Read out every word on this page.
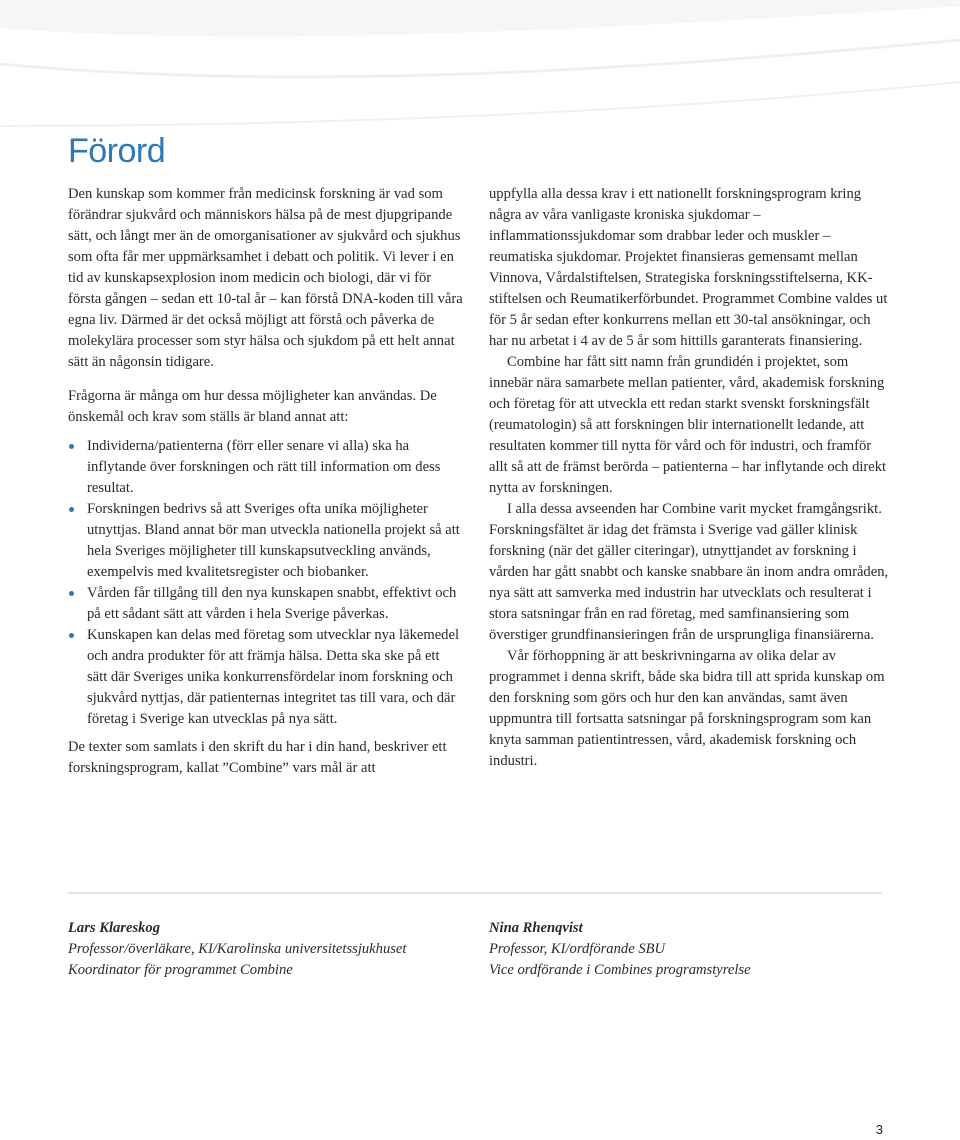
Förord

Den kunskap som kommer från medicinsk forskning är vad som förändrar sjukvård och människors hälsa på de mest djupgripande sätt, och långt mer än de omorganisationer av sjukvård och sjukhus som ofta får mer uppmärksamhet i debatt och politik. Vi lever i en tid av kunskapsexplosion inom medicin och biologi, där vi för första gången – sedan ett 10-tal år – kan förstå DNA-koden till våra egna liv. Därmed är det också möjligt att förstå och påverka de molekylära processer som styr hälsa och sjukdom på ett helt annat sätt än någonsin tidigare.

Frågorna är många om hur dessa möjligheter kan användas. De önskemål och krav som ställs är bland annat att:

Individerna/patienterna (förr eller senare vi alla) ska ha inflytande över forskningen och rätt till information om dess resultat.
Forskningen bedrivs så att Sveriges ofta unika möjligheter utnyttjas. Bland annat bör man utveckla nationella projekt så att hela Sveriges möjligheter till kunskapsutveckling används, exempelvis med kvalitetsregister och biobanker.
Vården får tillgång till den nya kunskapen snabbt, effektivt och på ett sådant sätt att vården i hela Sverige påverkas.
Kunskapen kan delas med företag som utvecklar nya läkemedel och andra produkter för att främja hälsa. Detta ska ske på ett sätt där Sveriges unika konkurrensfördelar inom forskning och sjukvård nyttjas, där patienternas integritet tas till vara, och där företag i Sverige kan utvecklas på nya sätt.

De texter som samlats i den skrift du har i din hand, beskriver ett forskningsprogram, kallat ”Combine” vars mål är att

uppfylla alla dessa krav i ett nationellt forskningsprogram kring några av våra vanligaste kroniska sjukdomar – inflammationssjukdomar som drabbar leder och muskler – reumatiska sjukdomar. Projektet finansieras gemensamt mellan Vinnova, Vårdalstiftelsen, Strategiska forskningsstiftelserna, KK-stiftelsen och Reumatikerförbundet. Programmet Combine valdes ut för 5 år sedan efter konkurrens mellan ett 30-tal ansökningar, och har nu arbetat i 4 av de 5 år som hittills garanterats finansiering.

Combine har fått sitt namn från grundidén i projektet, som innebär nära samarbete mellan patienter, vård, akademisk forskning och företag för att utveckla ett redan starkt svenskt forskningsfält (reumatologin) så att forskningen blir internationellt ledande, att resultaten kommer till nytta för vård och för industri, och framför allt så att de främst berörda – patienterna – har inflytande och direkt nytta av forskningen.

I alla dessa avseenden har Combine varit mycket framgångsrikt. Forskningsfältet är idag det främsta i Sverige vad gäller klinisk forskning (när det gäller citeringar), utnyttjandet av forskning i vården har gått snabbt och kanske snabbare än inom andra områden, nya sätt att samverka med industrin har utvecklats och resulterat i stora satsningar från en rad företag, med samfinansiering som överstiger grundfinansieringen från de ursprungliga finansiärerna.

Vår förhoppning är att beskrivningarna av olika delar av programmet i denna skrift, både ska bidra till att sprida kunskap om den forskning som görs och hur den kan användas, samt även uppmuntra till fortsatta satsningar på forskningsprogram som kan knyta samman patientintressen, vård, akademisk forskning och industri.

Lars Klareskog
Professor/överläkare, KI/Karolinska universitetssjukhuset
Koordinator för programmet Combine
Nina Rhenqvist
Professor, KI/ordförande SBU
Vice ordförande i Combines programstyrelse
3
